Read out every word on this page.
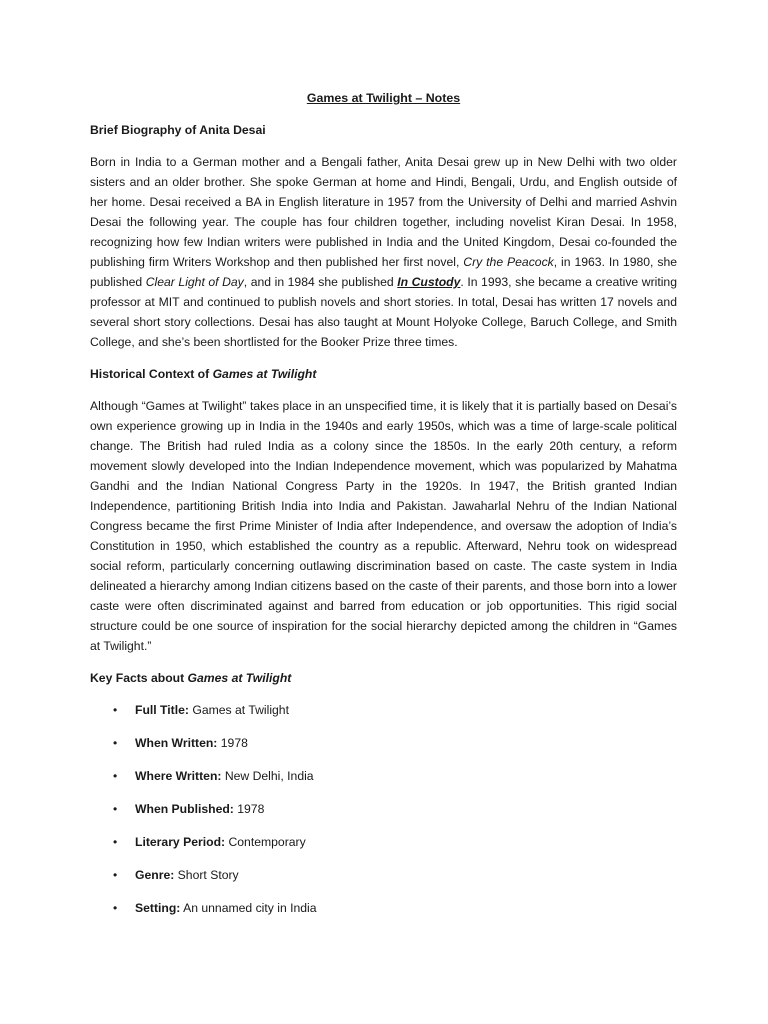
Games at Twilight – Notes
Brief Biography of Anita Desai

Born in India to a German mother and a Bengali father, Anita Desai grew up in New Delhi with two older sisters and an older brother. She spoke German at home and Hindi, Bengali, Urdu, and English outside of her home. Desai received a BA in English literature in 1957 from the University of Delhi and married Ashvin Desai the following year. The couple has four children together, including novelist Kiran Desai. In 1958, recognizing how few Indian writers were published in India and the United Kingdom, Desai co-founded the publishing firm Writers Workshop and then published her first novel, Cry the Peacock, in 1963. In 1980, she published Clear Light of Day, and in 1984 she published In Custody. In 1993, she became a creative writing professor at MIT and continued to publish novels and short stories. In total, Desai has written 17 novels and several short story collections. Desai has also taught at Mount Holyoke College, Baruch College, and Smith College, and she’s been shortlisted for the Booker Prize three times.

Historical Context of Games at Twilight

Although “Games at Twilight” takes place in an unspecified time, it is likely that it is partially based on Desai’s own experience growing up in India in the 1940s and early 1950s, which was a time of large-scale political change. The British had ruled India as a colony since the 1850s. In the early 20th century, a reform movement slowly developed into the Indian Independence movement, which was popularized by Mahatma Gandhi and the Indian National Congress Party in the 1920s. In 1947, the British granted Indian Independence, partitioning British India into India and Pakistan. Jawaharlal Nehru of the Indian National Congress became the first Prime Minister of India after Independence, and oversaw the adoption of India’s Constitution in 1950, which established the country as a republic. Afterward, Nehru took on widespread social reform, particularly concerning outlawing discrimination based on caste. The caste system in India delineated a hierarchy among Indian citizens based on the caste of their parents, and those born into a lower caste were often discriminated against and barred from education or job opportunities. This rigid social structure could be one source of inspiration for the social hierarchy depicted among the children in “Games at Twilight.”

Key Facts about Games at Twilight
• Full Title: Games at Twilight
• When Written: 1978
• Where Written: New Delhi, India
• When Published: 1978
• Literary Period: Contemporary
• Genre: Short Story
• Setting: An unnamed city in India
